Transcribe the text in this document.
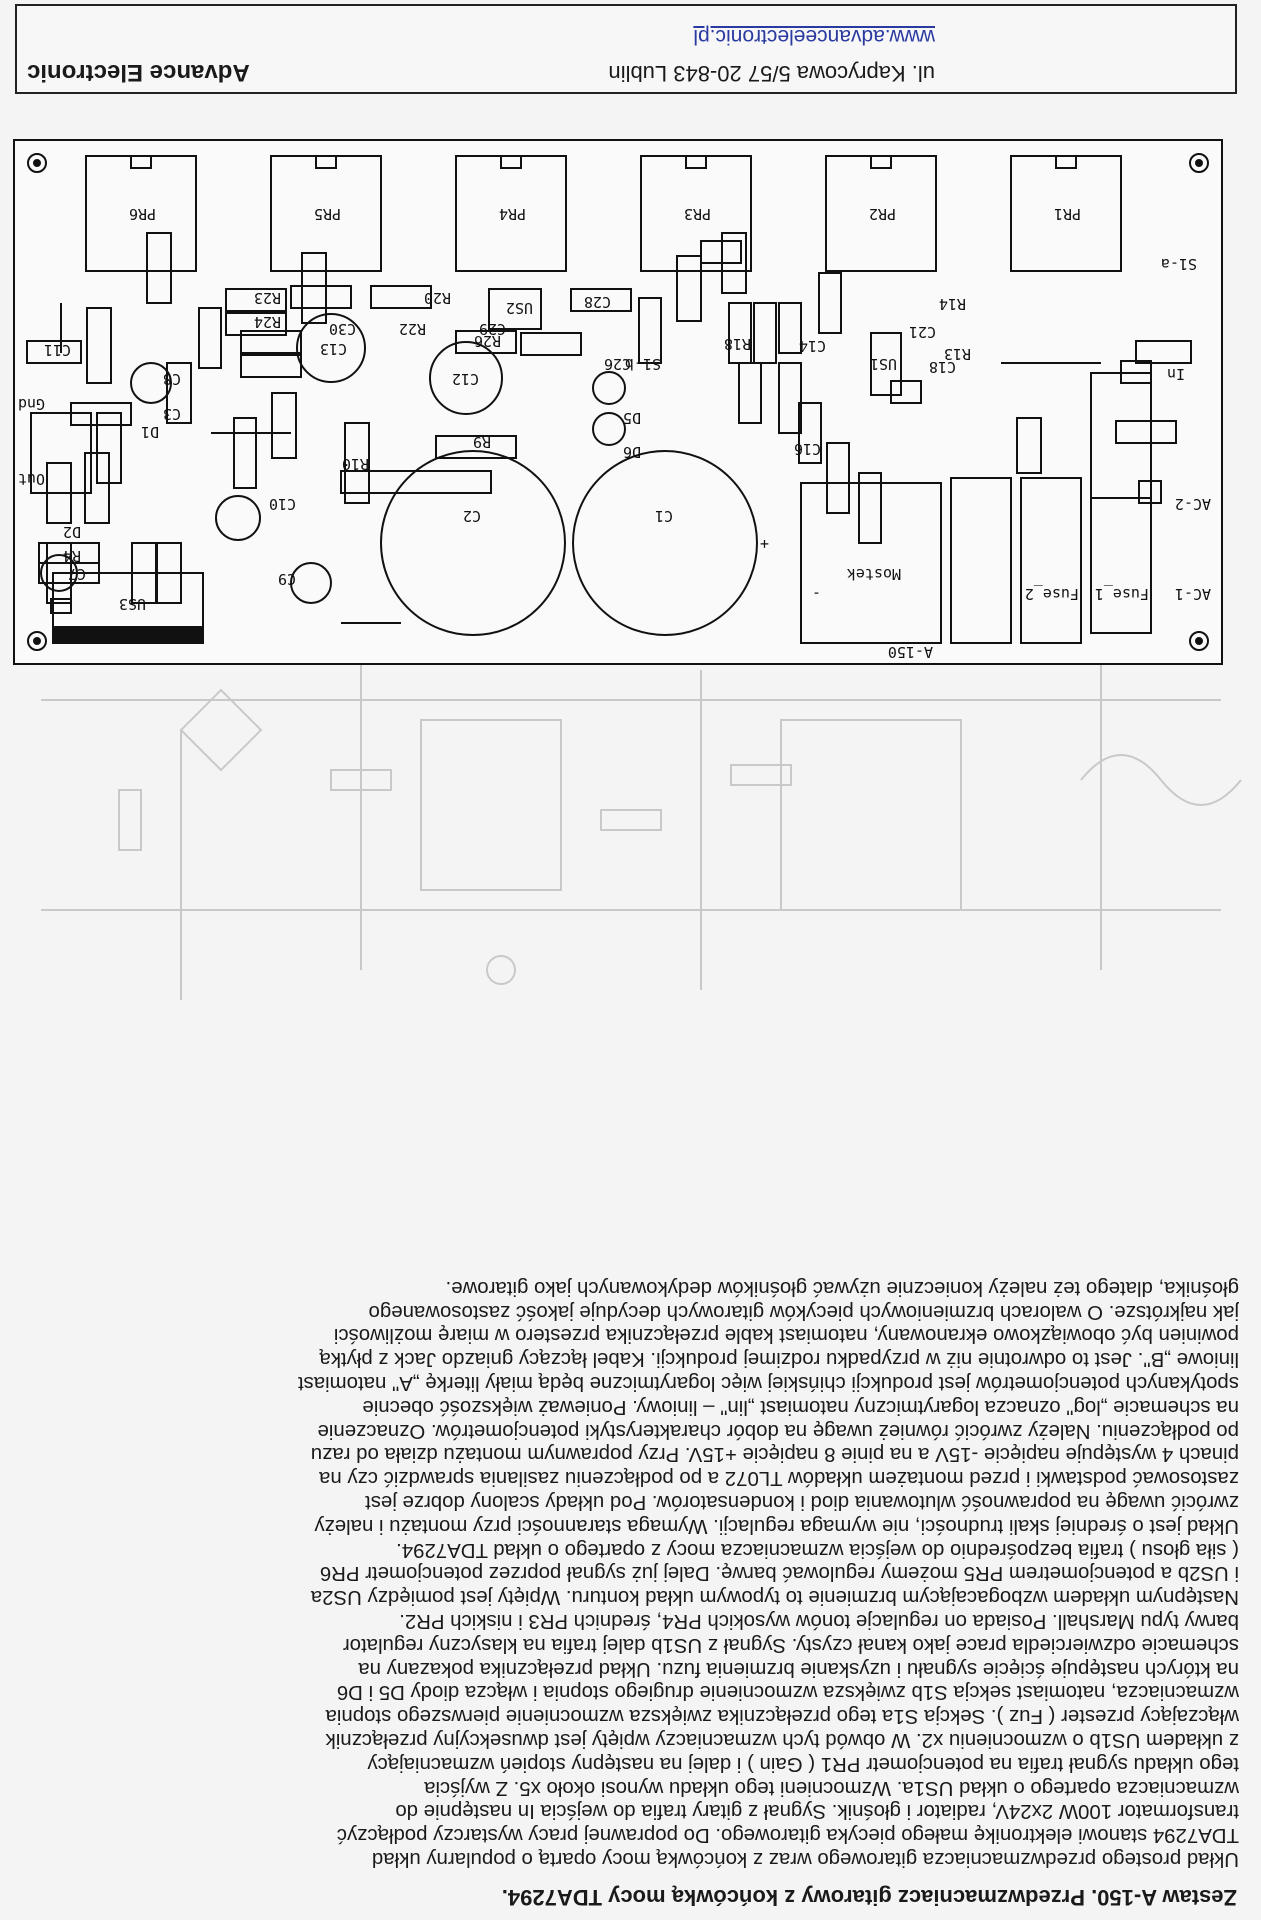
Zestaw A-150. Przedwzmacniacz gitarowy z końcówką mocy TDA7294.
Układ prostego przedwzmacniacza gitarowego wraz z końcówką mocy opartą o popularny układ
TDA7294 stanowi elektronikę małego piecyka gitarowego. Do poprawnej pracy wystarczy podłączyć
transformator 100W 2x24V, radiator i głośnik. Sygnał z gitary trafia do wejścia In następnie do
wzmacniacza opartego o układ US1a. Wzmocnieni tego układu wynosi około x5. Z wyjścia
tego układu sygnał trafia na potencjometr PR1 ( Gain ) i dalej na następny stopień wzmacniający
z układem US1b o wzmocnieniu x2. W obwód tych wzmacniaczy wpięty jest dwusekcyjny przełącznik
włączający przester ( Fuz ). Sekcja S1a tego przełącznika zwiększa wzmocnienie pierwszego stopnia
wzmacniacza, natomiast sekcja S1b zwiększa wzmocnienie drugiego stopnia i włącza diody D5 i D6
na których następuje ścięcie sygnału i uzyskanie brzmienia fuzu. Układ przełącznika pokazany na
schemacie odzwierciedla prace jako kanał czysty. Sygnał z US1b dalej trafia na klasyczny regulator
barwy typu Marshall. Posiada on regulacje tonów wysokich PR4, średnich PR3 i niskich PR2.
Następnym układem wzbogacającym brzmienie to typowym układ konturu. Wpięty jest pomiędzy US2a
i US2b a potencjometrem PR5 możemy regulować barwę. Dalej już sygnał poprzez potencjometr PR6
( siła głosu ) trafia bezpośrednio do wejścia wzmacniacza mocy z opartego o układ TDA7294.
Układ jest o średniej skali trudności, nie wymaga regulacji. Wymaga staranności przy montażu i należy
zwrócić uwagę na poprawność wlutowania diod i kondensatorów. Pod układy scalony dobrze jest
zastosować podstawki i przed montażem układów TL072 a po podłączeniu zasilania sprawdzić czy na
pinach 4 występuje napięcie -15V a na pinie 8 napięcie +15V. Przy poprawnym montażu działa od razu
po podłączeniu. Należy zwrócić również uwagę na dobór charakterystyki potencjometrów. Oznaczenie
na schemacie „log" oznacza logarytmiczny natomiast „lin" – liniowy. Ponieważ większość obecnie
spotykanych potencjometrów jest produkcji chińskiej więc logarytmiczne będą miały literkę „A" natomiast
liniowe „B". Jest to odwrotnie niż w przypadku rodzimej produkcji. Kabel łączący gniazdo Jack z płytką
powinien być obowiązkowo ekranowany, natomiast kable przełącznika przestero w miarę możliwości
jak najkrótsze. O walorach brzmieniowych piecyków gitarowych decyduje jakość zastosowanego
głośnika, dlatego też należy koniecznie używać głośników dedykowanych jako gitarowe.
A-150
Mostek
Fuse_1
Fuse_2	AC-1
AC-2
C1
C2
US3
US1
US2
PR1
PR2
PR3
PR4
PR5
PR6
C13
C12
C10
C9
C8
C7
R9
R10
R26	R18
R14
R13
R20
R22
R23
R24
R4
C16
C3
C11	C14
C18
C21
C26
C28
C29
C30
D5
D6
D1
D2
S1-a
S1-b
Gnd
Out
In
+
-
Advance Electronic	ul. Kapryсowa 5/57 20-843 Lublin
www.advanceelectronic.pl
